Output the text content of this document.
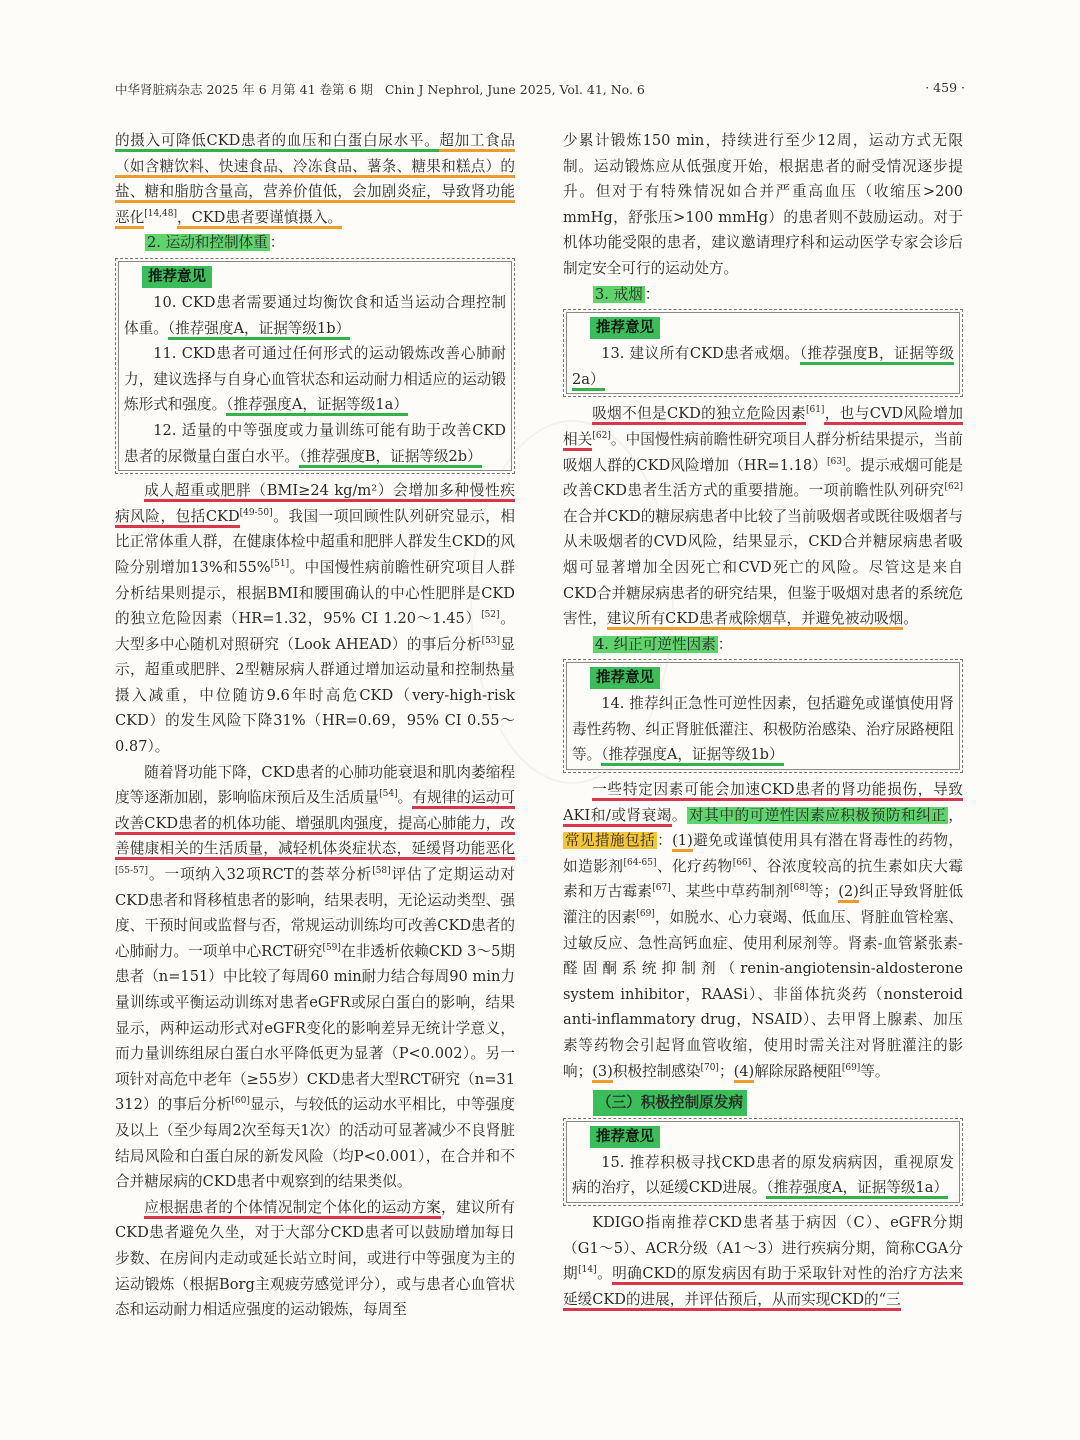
中华肾脏病杂志 2025 年 6 月第 41 卷第 6 期 Chin J Nephrol, June 2025, Vol. 41, No. 6	· 459 ·

的摄入可降低CKD患者的血压和白蛋白尿水平。超加工食品（如含糖饮料、快速食品、冷冻食品、薯条、糖果和糕点）的盐、糖和脂肪含量高，营养价值低，会加剧炎症，导致肾功能恶化[14,48]，CKD患者要谨慎摄入。

2. 运动和控制体重 ：
推荐意见

10. CKD患者需要通过均衡饮食和适当运动合理控制体重。（推荐强度A，证据等级1b）

11. CKD患者可通过任何形式的运动锻炼改善心肺耐力，建议选择与自身心血管状态和运动耐力相适应的运动锻炼形式和强度。（推荐强度A，证据等级1a）

12. 适量的中等强度或力量训练可能有助于改善CKD患者的尿微量白蛋白水平。（推荐强度B，证据等级2b）

成人超重或肥胖（BMI≥24 kg/m²）会增加多种慢性疾病风险，包括CKD[49-50]。我国一项回顾性队列研究显示，相比正常体重人群，在健康体检中超重和肥胖人群发生CKD的风险分别增加13%和55%[51]。中国慢性病前瞻性研究项目人群分析结果则提示，根据BMI和腰围确认的中心性肥胖是CKD的独立危险因素（HR=1.32，95% CI 1.20～1.45）[52]。大型多中心随机对照研究（Look AHEAD）的事后分析[53]显示，超重或肥胖、2型糖尿病人群通过增加运动量和控制热量摄入减重，中位随访9.6年时高危CKD（very-high-risk CKD）的发生风险下降31%（HR=0.69，95% CI 0.55～0.87）。

随着肾功能下降，CKD患者的心肺功能衰退和肌肉萎缩程度等逐渐加剧，影响临床预后及生活质量[54]。有规律的运动可改善CKD患者的机体功能、增强肌肉强度，提高心肺能力，改善健康相关的生活质量，减轻机体炎症状态，延缓肾功能恶化[55-57]。一项纳入32项RCT的荟萃分析[58]评估了定期运动对CKD患者和肾移植患者的影响，结果表明，无论运动类型、强度、干预时间或监督与否，常规运动训练均可改善CKD患者的心肺耐力。一项单中心RCT研究[59]在非透析依赖CKD 3～5期患者（n=151）中比较了每周60 min耐力结合每周90 min力量训练或平衡运动训练对患者eGFR或尿白蛋白的影响，结果显示，两种运动形式对eGFR变化的影响差异无统计学意义，而力量训练组尿白蛋白水平降低更为显著（P<0.002）。另一项针对高危中老年（≥55岁）CKD患者大型RCT研究（n=31 312）的事后分析[60]显示，与较低的运动水平相比，中等强度及以上（至少每周2次至每天1次）的活动可显著减少不良肾脏结局风险和白蛋白尿的新发风险（均P<0.001），在合并和不合并糖尿病的CKD患者中观察到的结果类似。

应根据患者的个体情况制定个体化的运动方案，建议所有CKD患者避免久坐，对于大部分CKD患者可以鼓励增加每日步数、在房间内走动或延长站立时间，或进行中等强度为主的运动锻炼（根据Borg主观疲劳感觉评分），或与患者心血管状态和运动耐力相适应强度的运动锻炼，每周至

少累计锻炼150 min，持续进行至少12周，运动方式无限制。运动锻炼应从低强度开始，根据患者的耐受情况逐步提升。但对于有特殊情况如合并严重高血压（收缩压>200 mmHg，舒张压>100 mmHg）的患者则不鼓励运动。对于机体功能受限的患者，建议邀请理疗科和运动医学专家会诊后制定安全可行的运动处方。

3. 戒烟 ：
推荐意见

13. 建议所有CKD患者戒烟。（推荐强度B，证据等级2a）

吸烟不但是CKD的独立危险因素[61]，也与CVD风险增加相关[62]。中国慢性病前瞻性研究项目人群分析结果提示，当前吸烟人群的CKD风险增加（HR=1.18）[63]。提示戒烟可能是改善CKD患者生活方式的重要措施。一项前瞻性队列研究[62]在合并CKD的糖尿病患者中比较了当前吸烟者或既往吸烟者与从未吸烟者的CVD风险，结果显示，CKD合并糖尿病患者吸烟可显著增加全因死亡和CVD死亡的风险。尽管这是来自CKD合并糖尿病患者的研究结果，但鉴于吸烟对患者的系统危害性，建议所有CKD患者戒除烟草，并避免被动吸烟。

4. 纠正可逆性因素 ：
推荐意见

14. 推荐纠正急性可逆性因素，包括避免或谨慎使用肾毒性药物、纠正肾脏低灌注、积极防治感染、治疗尿路梗阻等。（推荐强度A，证据等级1b）

一些特定因素可能会加速CKD患者的肾功能损伤，导致AKI和/或肾衰竭。 对其中的可逆性因素应积极预防和纠正 ，常见措施包括 ：(1)避免或谨慎使用具有潜在肾毒性的药物，如造影剂[64-65]、化疗药物[66]、谷浓度较高的抗生素如庆大霉素和万古霉素[67]、某些中草药制剂[68]等；(2)纠正导致肾脏低灌注的因素[69]，如脱水、心力衰竭、低血压、肾脏血管栓塞、过敏反应、急性高钙血症、使用利尿剂等。肾素-血管紧张素-醛固酮系统抑制剂（renin-angiotensin-aldosterone system inhibitor，RAASi）、非甾体抗炎药（nonsteroid anti-inflammatory drug，NSAID）、去甲肾上腺素、加压素等药物会引起肾血管收缩，使用时需关注对肾脏灌注的影响；(3)积极控制感染[70]；(4)解除尿路梗阻[69]等。

（三）积极控制原发病
推荐意见

15. 推荐积极寻找CKD患者的原发病病因，重视原发病的治疗，以延缓CKD进展。（推荐强度A，证据等级1a）

KDIGO指南推荐CKD患者基于病因（C）、eGFR分期（G1～5）、ACR分级（A1～3）进行疾病分期，简称CGA分期[14]。明确CKD的原发病因有助于采取针对性的治疗方法来延缓CKD的进展，并评估预后，从而实现CKD的“三
